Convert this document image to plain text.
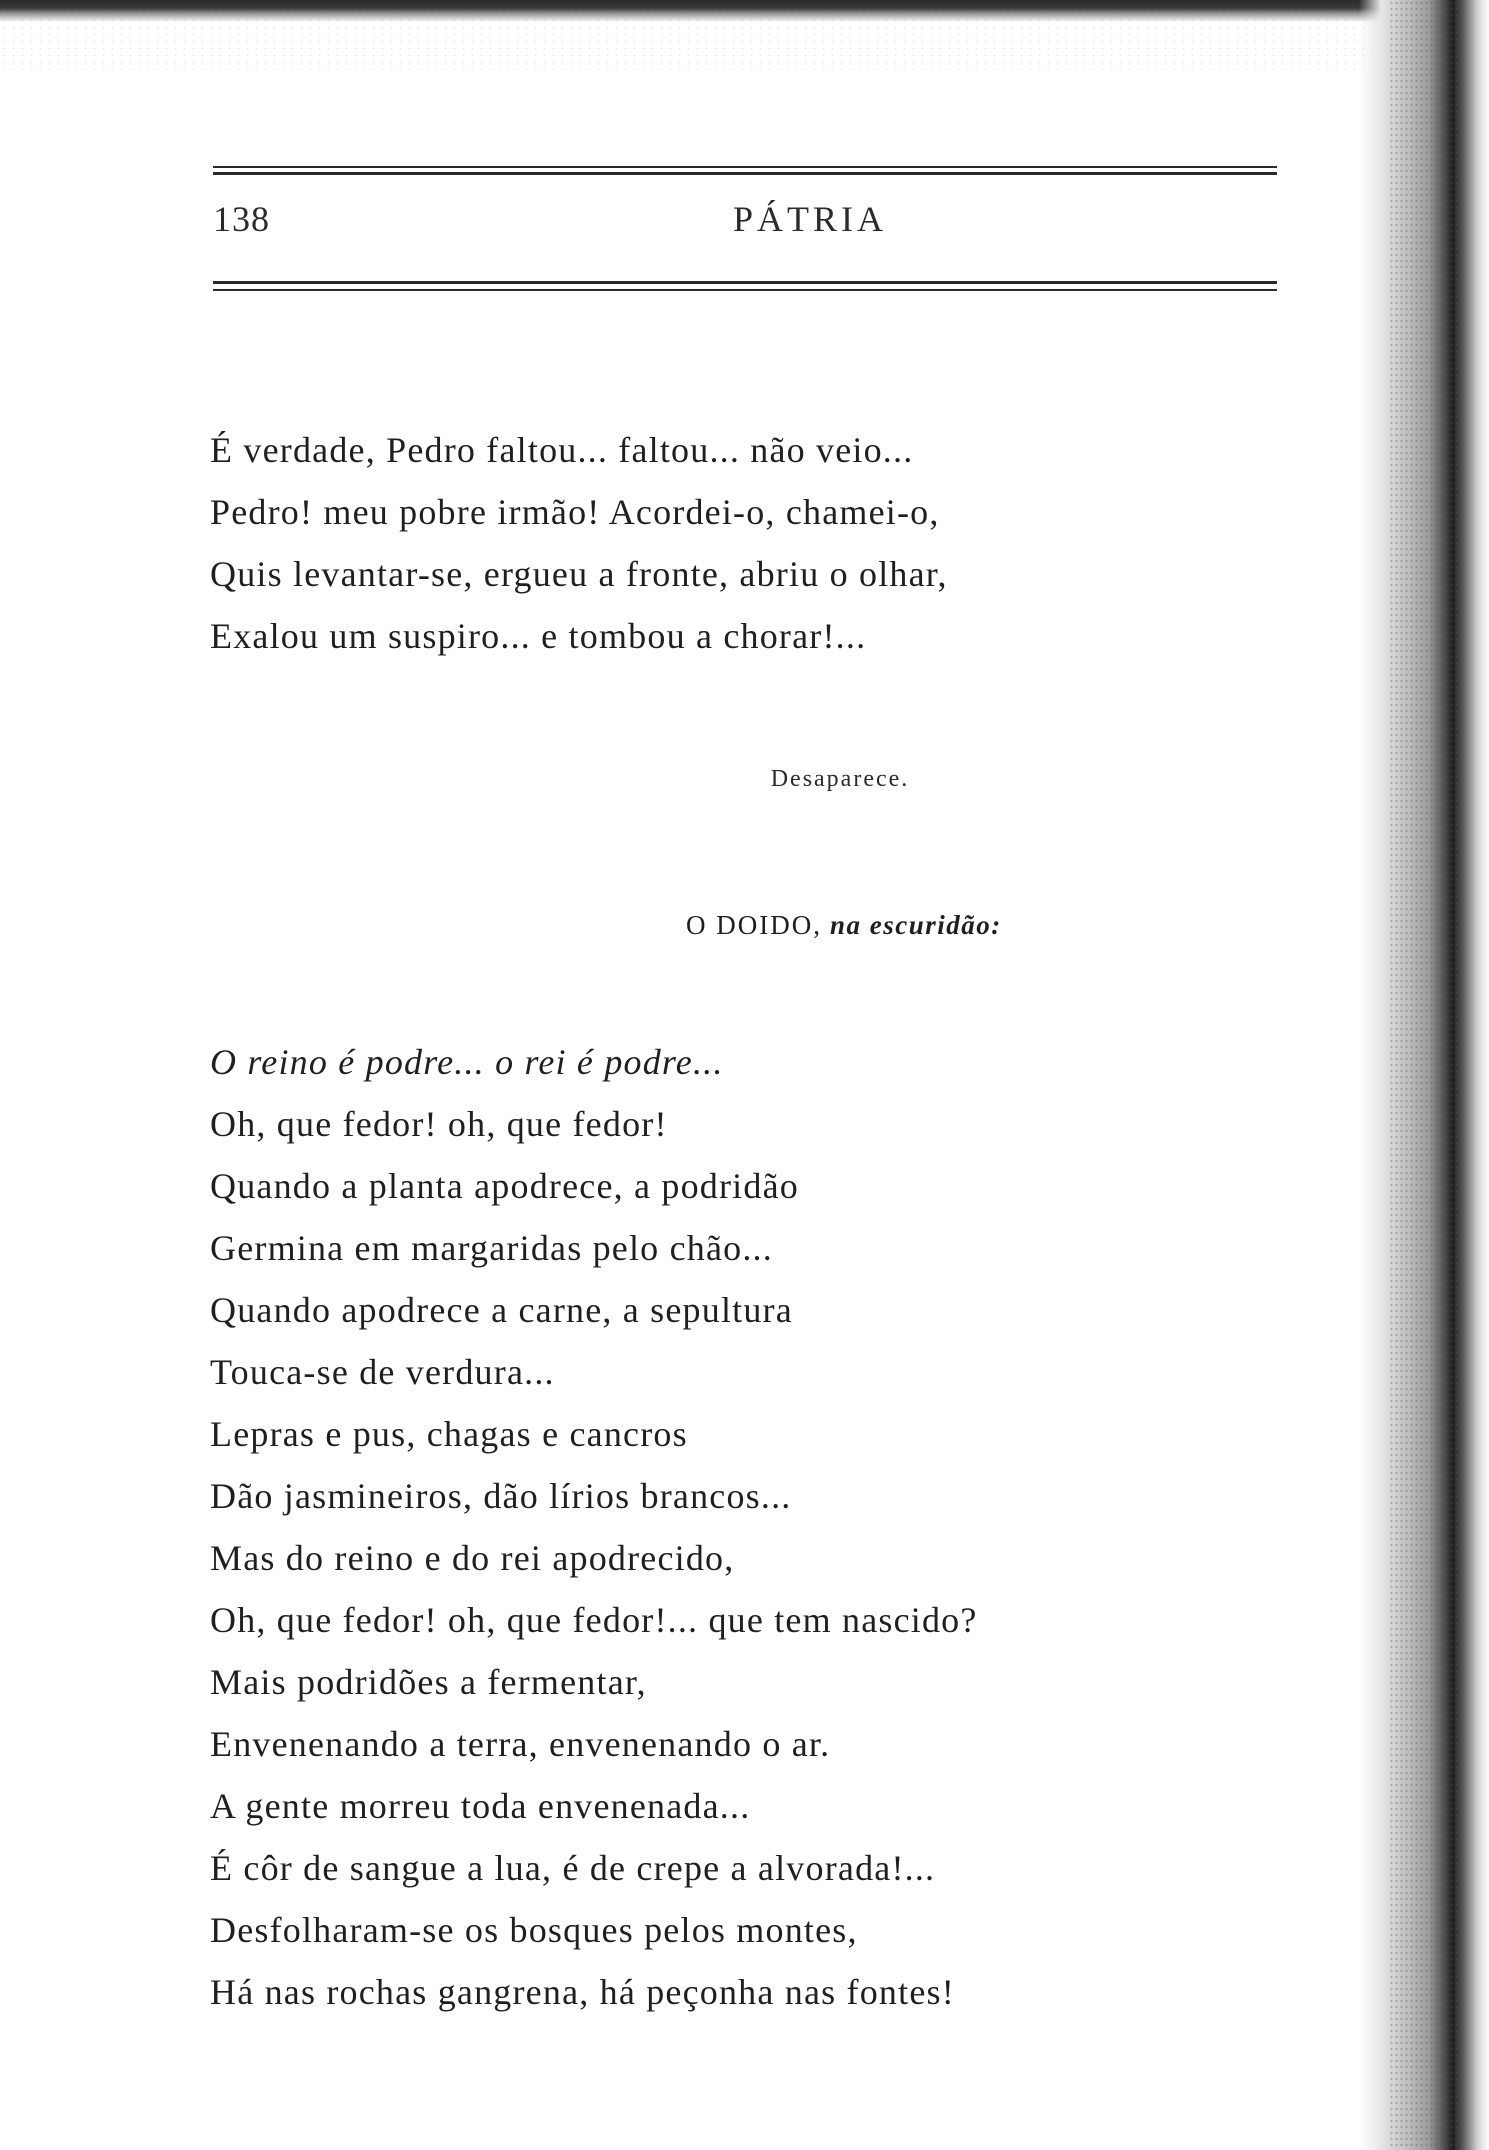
138	PÁTRIA
É verdade, Pedro faltou... faltou... não veio...
Pedro! meu pobre irmão! Acordei-o, chamei-o,
Quis levantar-se, ergueu a fronte, abriu o olhar,
Exalou um suspiro... e tombou a chorar!...
Desaparece.
O DOIDO, na escuridão:
O reino é podre... o rei é podre...
Oh, que fedor! oh, que fedor!
Quando a planta apodrece, a podridão
Germina em margaridas pelo chão...
Quando apodrece a carne, a sepultura
Touca-se de verdura...
Lepras e pus, chagas e cancros
Dão jasmineiros, dão lírios brancos...
Mas do reino e do rei apodrecido,
Oh, que fedor! oh, que fedor!... que tem nascido?
Mais podridões a fermentar,
Envenenando a terra, envenenando o ar.
A gente morreu toda envenenada...
É côr de sangue a lua, é de crepe a alvorada!...
Desfolharam-se os bosques pelos montes,
Há nas rochas gangrena, há peçonha nas fontes!
